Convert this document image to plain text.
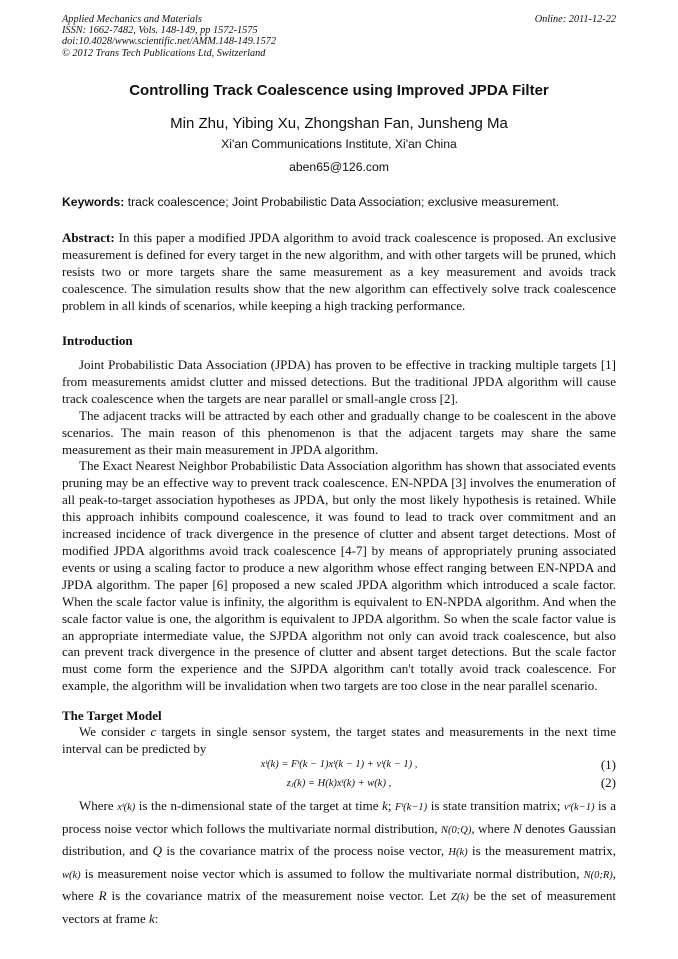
Applied Mechanics and Materials
ISSN: 1662-7482, Vols. 148-149, pp 1572-1575
doi:10.4028/www.scientific.net/AMM.148-149.1572
© 2012 Trans Tech Publications Ltd, Switzerland
Online: 2011-12-22
Controlling Track Coalescence using Improved JPDA Filter
Min Zhu, Yibing Xu, Zhongshan Fan, Junsheng Ma
Xi'an Communications Institute, Xi'an China
aben65@126.com
Keywords: track coalescence; Joint Probabilistic Data Association; exclusive measurement.
Abstract: In this paper a modified JPDA algorithm to avoid track coalescence is proposed. An exclusive measurement is defined for every target in the new algorithm, and with other targets will be pruned, which resists two or more targets share the same measurement as a key measurement and avoids track coalescence. The simulation results show that the new algorithm can effectively solve track coalescence problem in all kinds of scenarios, while keeping a high tracking performance.
Introduction

Joint Probabilistic Data Association (JPDA) has proven to be effective in tracking multiple targets [1] from measurements amidst clutter and missed detections. But the traditional JPDA algorithm will cause track coalescence when the targets are near parallel or small-angle cross [2].

The adjacent tracks will be attracted by each other and gradually change to be coalescent in the above scenarios. The main reason of this phenomenon is that the adjacent targets may share the same measurement as their main measurement in JPDA algorithm.

The Exact Nearest Neighbor Probabilistic Data Association algorithm has shown that associated events pruning may be an effective way to prevent track coalescence. EN-NPDA [3] involves the enumeration of all peak-to-target association hypotheses as JPDA, but only the most likely hypothesis is retained. While this approach inhibits compound coalescence, it was found to lead to track over commitment and an increased incidence of track divergence in the presence of clutter and absent target detections. Most of modified JPDA algorithms avoid track coalescence [4-7] by means of appropriately pruning associated events or using a scaling factor to produce a new algorithm whose effect ranging between EN-NPDA and JPDA algorithm. The paper [6] proposed a new scaled JPDA algorithm which introduced a scale factor. When the scale factor value is infinity, the algorithm is equivalent to EN-NPDA algorithm. And when the scale factor value is one, the algorithm is equivalent to JPDA algorithm. So when the scale factor value is an appropriate intermediate value, the SJPDA algorithm not only can avoid track coalescence, but also can prevent track divergence in the presence of clutter and absent target detections. But the scale factor must come form the experience and the SJPDA algorithm can't totally avoid track coalescence. For example, the algorithm will be invalidation when two targets are too close in the near parallel scenario.

The Target Model

We consider c targets in single sensor system, the target states and measurements in the next time interval can be predicted by

xᵗ(k) = Fᵗ(k − 1)xᵗ(k − 1) + vᵗ(k − 1) ,	(1)
zⱼ(k) = H(k)xᵗ(k) + w(k) ,	(2)
Where xᵗ(k) is the n-dimensional state of the target at time k; Fᵗ(k−1) is state transition matrix; vᵗ(k−1) is a process noise vector which follows the multivariate normal distribution, N(0;Q), where N denotes Gaussian distribution, and Q is the covariance matrix of the process noise vector, H(k) is the measurement matrix, w(k) is measurement noise vector which is assumed to follow the multivariate normal distribution, N(0;R), where R is the covariance matrix of the measurement noise vector. Let Z(k) be the set of measurement vectors at frame k:
